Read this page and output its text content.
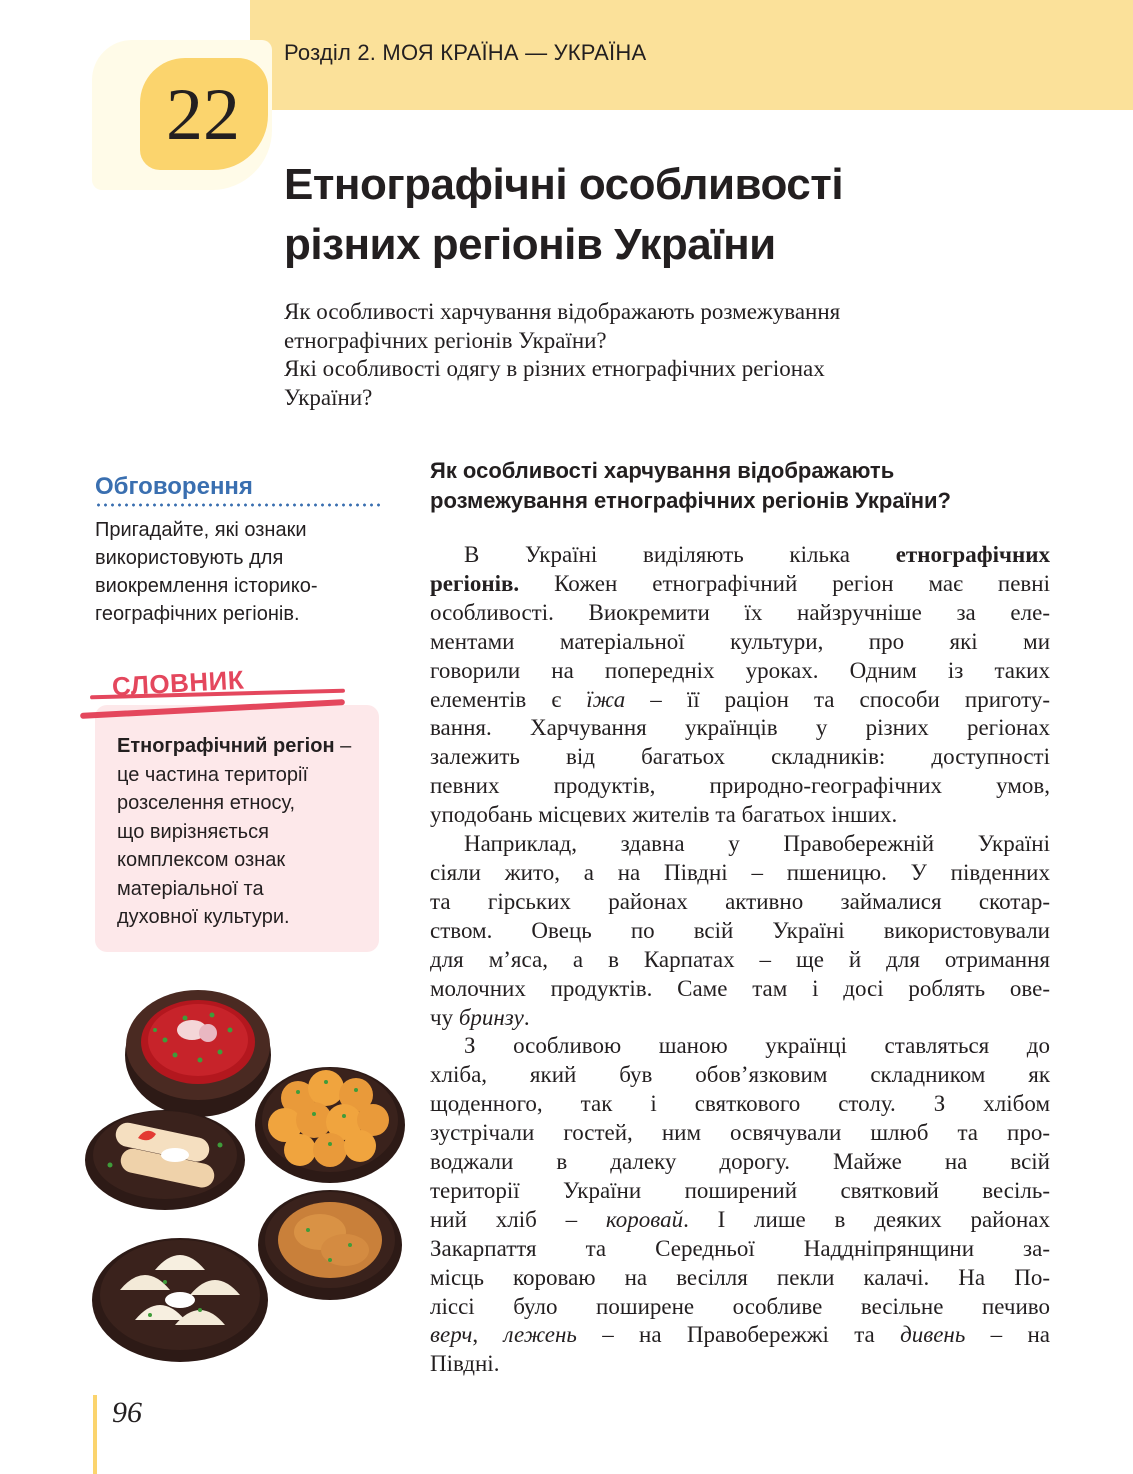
Розділ 2. МОЯ КРАЇНА — УКРАЇНА
22
Етнографічні особливості
різних регіонів України
Як особливості харчування відображають розмежування
етнографічних регіонів України?
Які особливості одягу в різних етнографічних регіонах
України?
Обговорення
Пригадайте, які ознаки
використовують для
виокремлення історико-
географічних регіонів.
СЛОВНИК
Етнографічний регіон –
це частина території
розселення етносу,
що вирізняється
комплексом ознак
матеріальної та
духовної культури.
Як особливості харчування відображають
розмежування етнографічних регіонів України?
В Україні виділяють кілька етнографічних
регіонів. Кожен етнографічний регіон має певні
особливості. Виокремити їх найзручніше за еле-
ментами матеріальної культури, про які ми
говорили на попередніх уроках. Одним із таких
елементів є їжа – її раціон та способи приготу-
вання. Харчування українців у різних регіонах
залежить від багатьох складників: доступності
певних продуктів, природно-географічних умов,
уподобань місцевих жителів та багатьох інших.
Наприклад, здавна у Правобережній Україні
сіяли жито, а на Півдні – пшеницю. У південних
та гірських районах активно займалися скотар-
ством. Овець по всій Україні використовували
для м’яса, а в Карпатах – ще й для отримання
молочних продуктів. Саме там і досі роблять ове-
чу бринзу.
З особливою шаною українці ставляться до
хліба, який був обов’язковим складником як
щоденного, так і святкового столу. З хлібом
зустрічали гостей, ним освячували шлюб та про-
воджали в далеку дорогу. Майже на всій
території України поширений святковий весіль-
ний хліб – коровай. І лише в деяких районах
Закарпаття та Середньої Наддніпрянщини за-
місць короваю на весілля пекли калачі. На По-
ліссі було поширене особливе весільне печиво
верч, лежень – на Правобережжі та дивень – на
Півдні.
96
